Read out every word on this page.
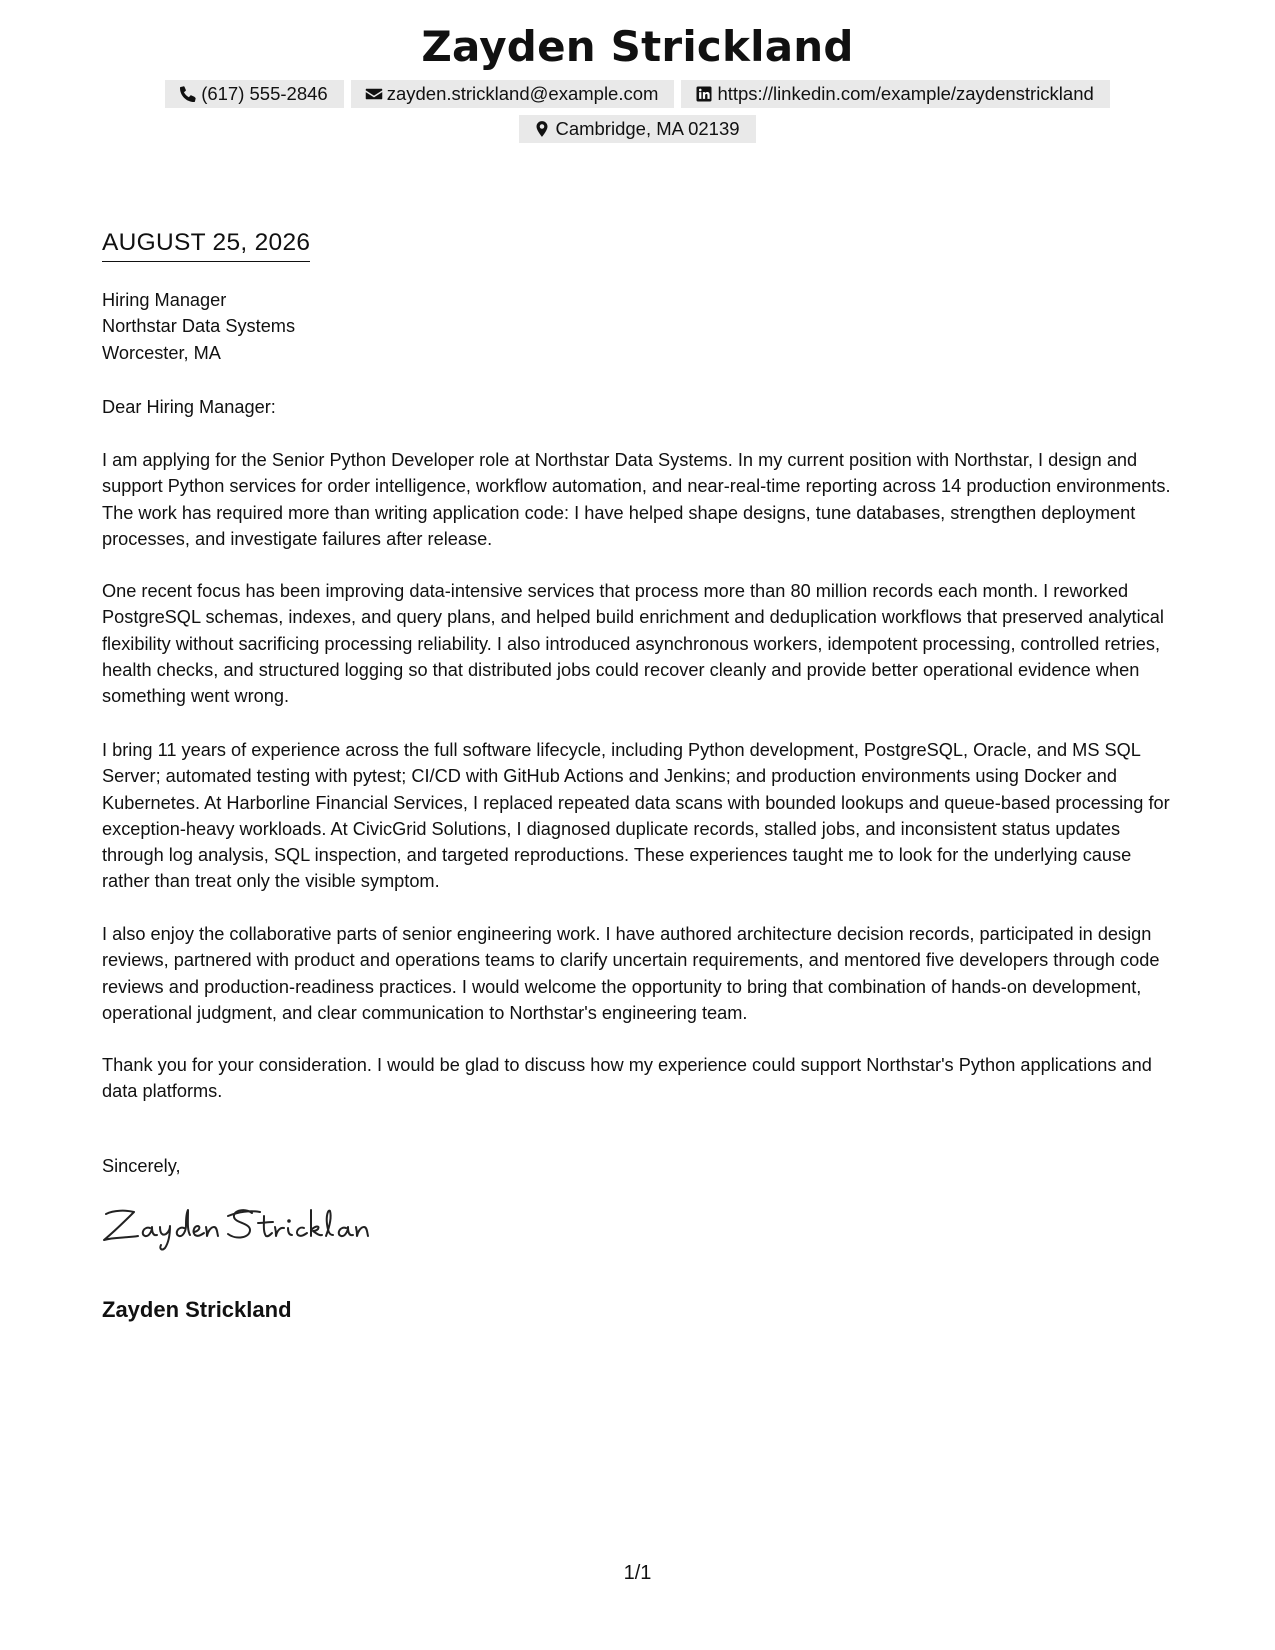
Zayden Strickland
(617) 555-2846	zayden.strickland@example.com	https://linkedin.com/example/zaydenstrickland
Cambridge, MA 02139
AUGUST 25, 2026
Hiring Manager
Northstar Data Systems
Worcester, MA
Dear Hiring Manager:

I am applying for the Senior Python Developer role at Northstar Data Systems. In my current position with Northstar, I design and support Python services for order intelligence, workflow automation, and near-real-time reporting across 14 production environments. The work has required more than writing application code: I have helped shape designs, tune databases, strengthen deployment processes, and investigate failures after release.

One recent focus has been improving data-intensive services that process more than 80 million records each month. I reworked PostgreSQL schemas, indexes, and query plans, and helped build enrichment and deduplication workflows that preserved analytical flexibility without sacrificing processing reliability. I also introduced asynchronous workers, idempotent processing, controlled retries, health checks, and structured logging so that distributed jobs could recover cleanly and provide better operational evidence when something went wrong.

I bring 11 years of experience across the full software lifecycle, including Python development, PostgreSQL, Oracle, and MS SQL Server; automated testing with pytest; CI/CD with GitHub Actions and Jenkins; and production environments using Docker and Kubernetes. At Harborline Financial Services, I replaced repeated data scans with bounded lookups and queue-based processing for exception-heavy workloads. At CivicGrid Solutions, I diagnosed duplicate records, stalled jobs, and inconsistent status updates through log analysis, SQL inspection, and targeted reproductions. These experiences taught me to look for the underlying cause rather than treat only the visible symptom.

I also enjoy the collaborative parts of senior engineering work. I have authored architecture decision records, participated in design reviews, partnered with product and operations teams to clarify uncertain requirements, and mentored five developers through code reviews and production-readiness practices. I would welcome the opportunity to bring that combination of hands-on development, operational judgment, and clear communication to Northstar's engineering team.

Thank you for your consideration. I would be glad to discuss how my experience could support Northstar's Python applications and data platforms.

Sincerely,
Zayden Strickland
1/1
